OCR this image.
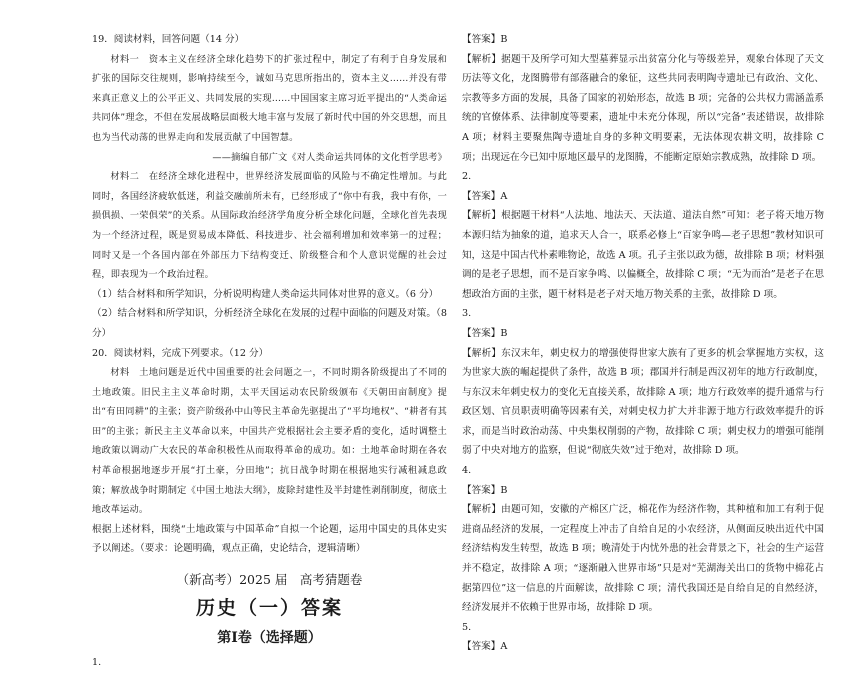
19．阅读材料，回答问题（14 分）

材料一　资本主义在经济全球化趋势下的扩张过程中，制定了有利于自身发展和扩张的国际交往规则，影响持续至今，诚如马克思所指出的，资本主义……并没有带来真正意义上的公平正义、共同发展的实现……中国国家主席习近平提出的“人类命运共同体”理念，不但在发展战略层面极大地丰富与发展了新时代中国的外交思想，而且也为当代动荡的世界走向和发展贡献了中国智慧。

——摘编自郁广文《对人类命运共同体的文化哲学思考》

材料二　在经济全球化进程中，世界经济发展面临的风险与不确定性增加。与此同时，各国经济疲软低迷，利益交融前所未有，已经形成了“你中有我，我中有你，一损俱损、一荣俱荣”的关系。从国际政治经济学角度分析全球化问题，全球化首先表现为一个经济过程，既是贸易成本降低、科技进步、社会福利增加和效率第一的过程；同时又是一个各国内部在外部压力下结构变迁、阶级整合和个人意识觉醒的社会过程，即表现为一个政治过程。

（1）结合材料和所学知识，分析说明构建人类命运共同体对世界的意义。（6 分）

（2）结合材料和所学知识，分析经济全球化在发展的过程中面临的问题及对策。（8 分）

20．阅读材料，完成下列要求。（12 分）

材料　土地问题是近代中国重要的社会问题之一，不同时期各阶级提出了不同的土地政策。旧民主主义革命时期，太平天国运动农民阶级颁布《天朝田亩制度》提出“有田同耕”的主张；资产阶级孙中山等民主革命先驱提出了“平均地权”、“耕者有其田”的主张；新民主主义革命以来，中国共产党根据社会主要矛盾的变化，适时调整土地政策以调动广大农民的革命积极性从而取得革命的成功。如：土地革命时期在各农村革命根据地逐步开展“打土豪，分田地”；抗日战争时期在根据地实行减租减息政策；解放战争时期制定《中国土地法大纲》，废除封建性及半封建性剥削制度，彻底土地改革运动。

根据上述材料，围绕“土地政策与中国革命”自拟一个论题，运用中国史的具体史实予以阐述。（要求：论题明确，观点正确，史论结合，逻辑清晰）

（新高考）2025 届　高考猜题卷

历史（一）答案

第Ⅰ卷（选择题）

1.

【答案】B

【解析】据题干及所学可知大型墓葬显示出贫富分化与等级差异，观象台体现了天文历法等文化，龙图腾带有部落融合的象征，这些共同表明陶寺遗址已有政治、文化、宗教等多方面的发展，具备了国家的初始形态，故选 B 项；完备的公共权力需涵盖系统的官僚体系、法律制度等要素，遗址中未充分体现，所以“完备”表述错误，故排除 A 项；材料主要聚焦陶寺遗址自身的多种文明要素，无法体现农耕文明，故排除 C 项；出现远在今已知中原地区最早的龙图腾，不能断定原始宗教成熟，故排除 D 项。

2.

【答案】A

【解析】根据题干材料“人法地、地法天、天法道、道法自然”可知：老子将天地万物本源归结为抽象的道，追求天人合一，联系必修上“百家争鸣—老子思想”教材知识可知，这是中国古代朴素唯物论，故选 A 项。孔子主张以政为德，故排除 B 项；材料强调的是老子思想，而不是百家争鸣、以偏概全，故排除 C 项；“无为而治”是老子在思想政治方面的主张，题干材料是老子对天地万物关系的主张，故排除 D 项。

3.

【答案】B

【解析】东汉末年，刺史权力的增强使得世家大族有了更多的机会掌握地方实权，这为世家大族的崛起提供了条件，故选 B 项；郡国并行制是西汉初年的地方行政制度，与东汉末年刺史权力的变化无直接关系，故排除 A 项；地方行政效率的提升通常与行政区划、官员职责明确等因素有关，对刺史权力扩大并非源于地方行政效率提升的诉求，而是当时政治动荡、中央集权削弱的产物，故排除 C 项；刺史权力的增强可能削弱了中央对地方的监察，但说“彻底失效”过于绝对，故排除 D 项。

4.

【答案】B

【解析】由题可知，安徽的产棉区广泛，棉花作为经济作物，其种植和加工有利于促进商品经济的发展，一定程度上冲击了自给自足的小农经济，从侧面反映出近代中国经济结构发生转型，故选 B 项；晚清处于内忧外患的社会背景之下，社会的生产运营并不稳定，故排除 A 项；“逐渐融入世界市场”只是对“芜湖海关出口的货物中棉花占据第四位”这一信息的片面解读，故排除 C 项；清代我国还是自给自足的自然经济，经济发展并不依赖于世界市场，故排除 D 项。

5.

【答案】A
